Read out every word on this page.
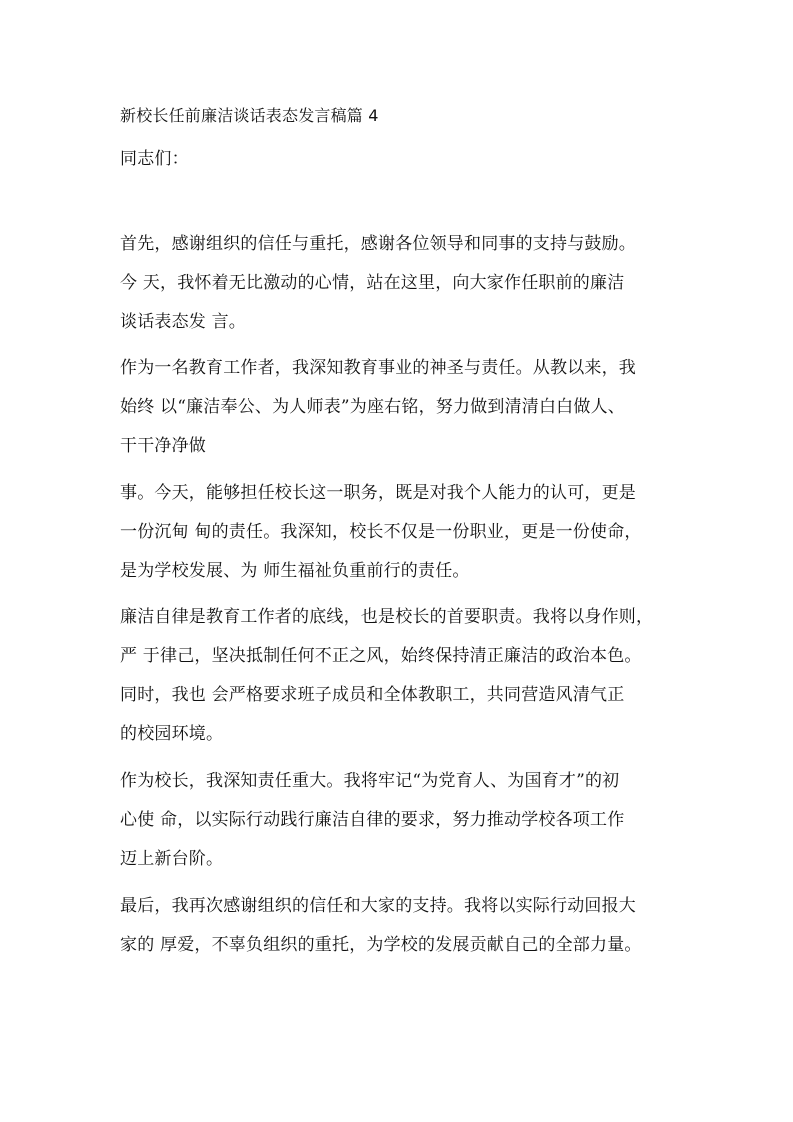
新校长任前廉洁谈话表态发言稿篇 4
同志们：
首先，感谢组织的信任与重托，感谢各位领导和同事的支持与鼓励。
今 天，我怀着无比激动的心情，站在这里，向大家作任职前的廉洁
谈话表态发 言。
作为一名教育工作者，我深知教育事业的神圣与责任。从教以来，我
始终 以“廉洁奉公、为人师表”为座右铭，努力做到清清白白做人、
干干净净做
事。今天，能够担任校长这一职务，既是对我个人能力的认可，更是
一份沉甸 甸的责任。我深知，校长不仅是一份职业，更是一份使命，
是为学校发展、为 师生福祉负重前行的责任。
廉洁自律是教育工作者的底线，也是校长的首要职责。我将以身作则，
严 于律己，坚决抵制任何不正之风，始终保持清正廉洁的政治本色。
同时，我也 会严格要求班子成员和全体教职工，共同营造风清气正
的校园环境。
作为校长，我深知责任重大。我将牢记“为党育人、为国育才”的初
心使 命，以实际行动践行廉洁自律的要求，努力推动学校各项工作
迈上新台阶。
最后，我再次感谢组织的信任和大家的支持。我将以实际行动回报大
家的 厚爱，不辜负组织的重托，为学校的发展贡献自己的全部力量。
